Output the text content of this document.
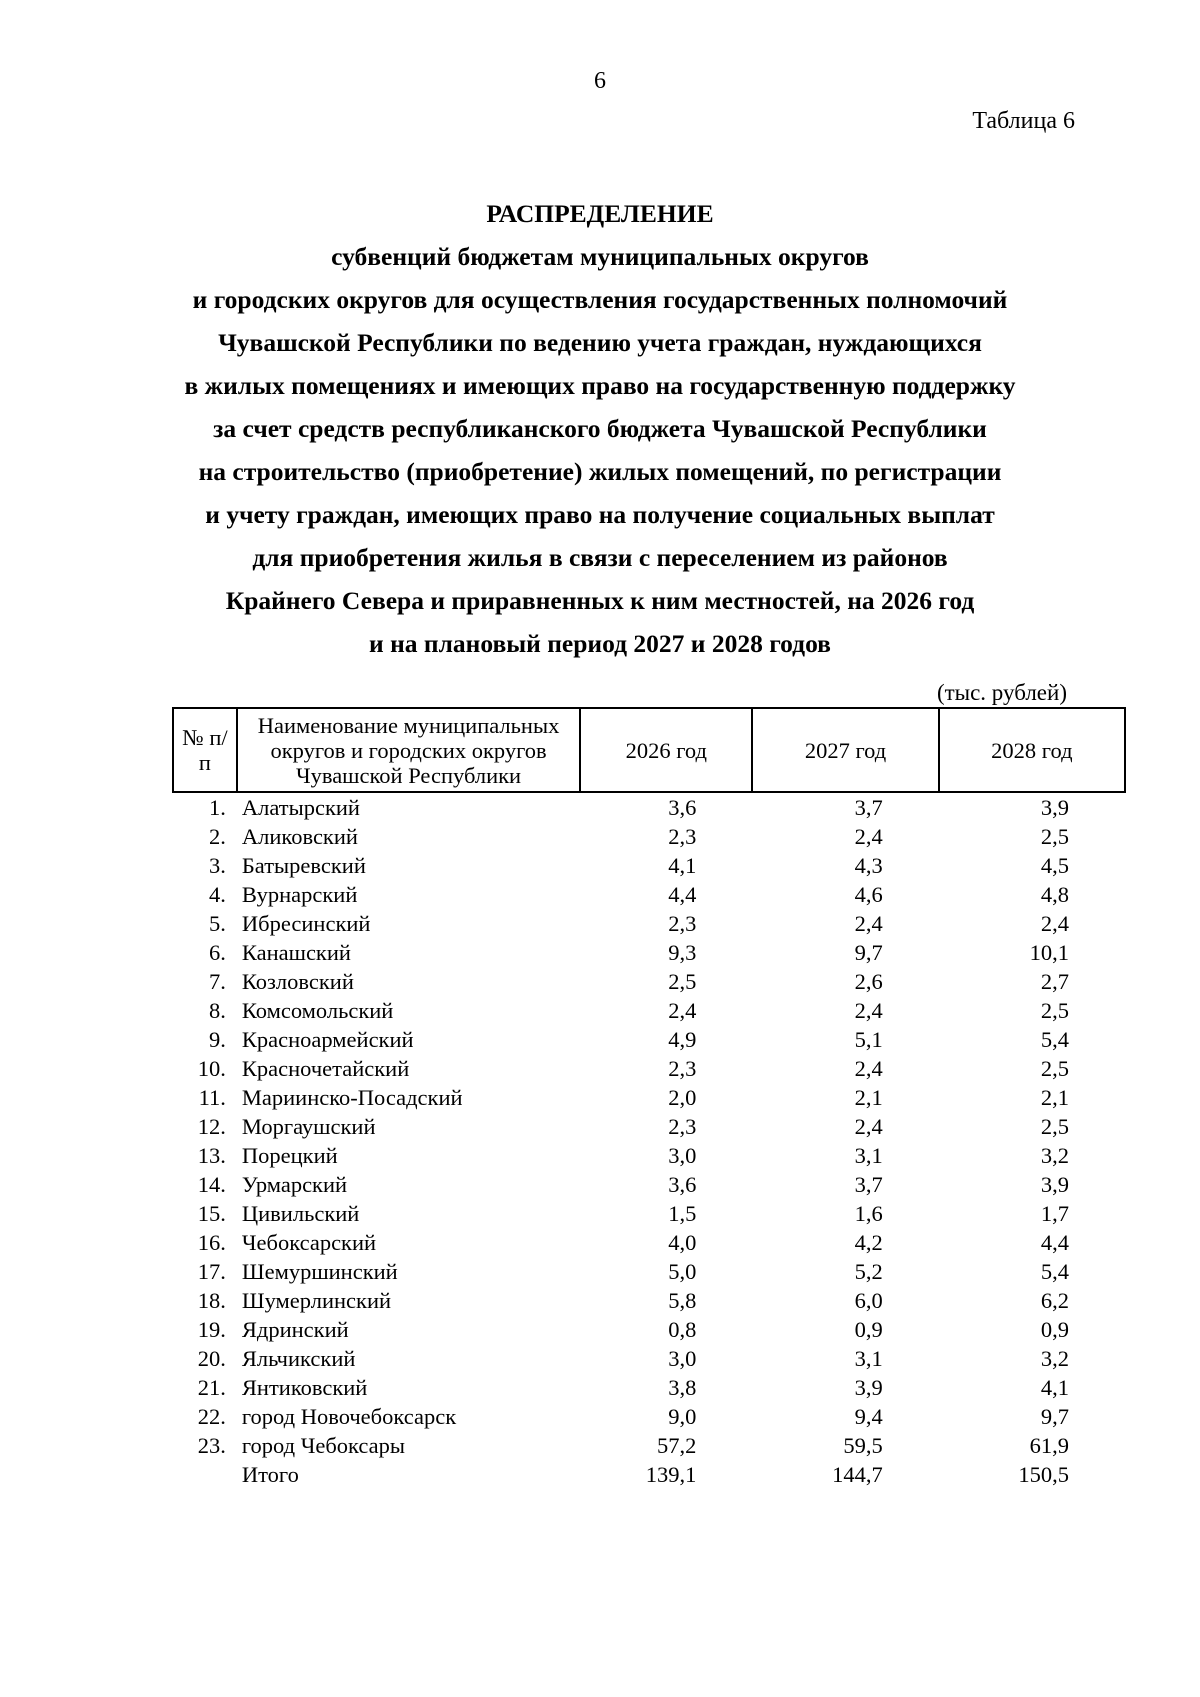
6
Таблица 6
РАСПРЕДЕЛЕНИЕ
субвенций бюджетам муниципальных округов
и городских округов для осуществления государственных полномочий
Чувашской Республики по ведению учета граждан, нуждающихся
в жилых помещениях и имеющих право на государственную поддержку
за счет средств республиканского бюджета Чувашской Республики
на строительство (приобретение) жилых помещений, по регистрации
и учету граждан, имеющих право на получение социальных выплат
для приобретения жилья в связи с переселением из районов
Крайнего Севера и приравненных к ним местностей, на 2026 год
и на плановый период 2027 и 2028 годов
(тыс. рублей)
№ п/п	Наименование муниципальных округов и городских округов Чувашской Республики	2026 год	2027 год	2028 год
1.	Алатырский	3,6	3,7	3,9
2.	Аликовский	2,3	2,4	2,5
3.	Батыревский	4,1	4,3	4,5
4.	Вурнарский	4,4	4,6	4,8
5.	Ибресинский	2,3	2,4	2,4
6.	Канашский	9,3	9,7	10,1
7.	Козловский	2,5	2,6	2,7
8.	Комсомольский	2,4	2,4	2,5
9.	Красноармейский	4,9	5,1	5,4
10.	Красночетайский	2,3	2,4	2,5
11.	Мариинско-Посадский	2,0	2,1	2,1
12.	Моргаушский	2,3	2,4	2,5
13.	Порецкий	3,0	3,1	3,2
14.	Урмарский	3,6	3,7	3,9
15.	Цивильский	1,5	1,6	1,7
16.	Чебоксарский	4,0	4,2	4,4
17.	Шемуршинский	5,0	5,2	5,4
18.	Шумерлинский	5,8	6,0	6,2
19.	Ядринский	0,8	0,9	0,9
20.	Яльчикский	3,0	3,1	3,2
21.	Янтиковский	3,8	3,9	4,1
22.	город Новочебоксарск	9,0	9,4	9,7
23.	город Чебоксары	57,2	59,5	61,9
	Итого	139,1	144,7	150,5
